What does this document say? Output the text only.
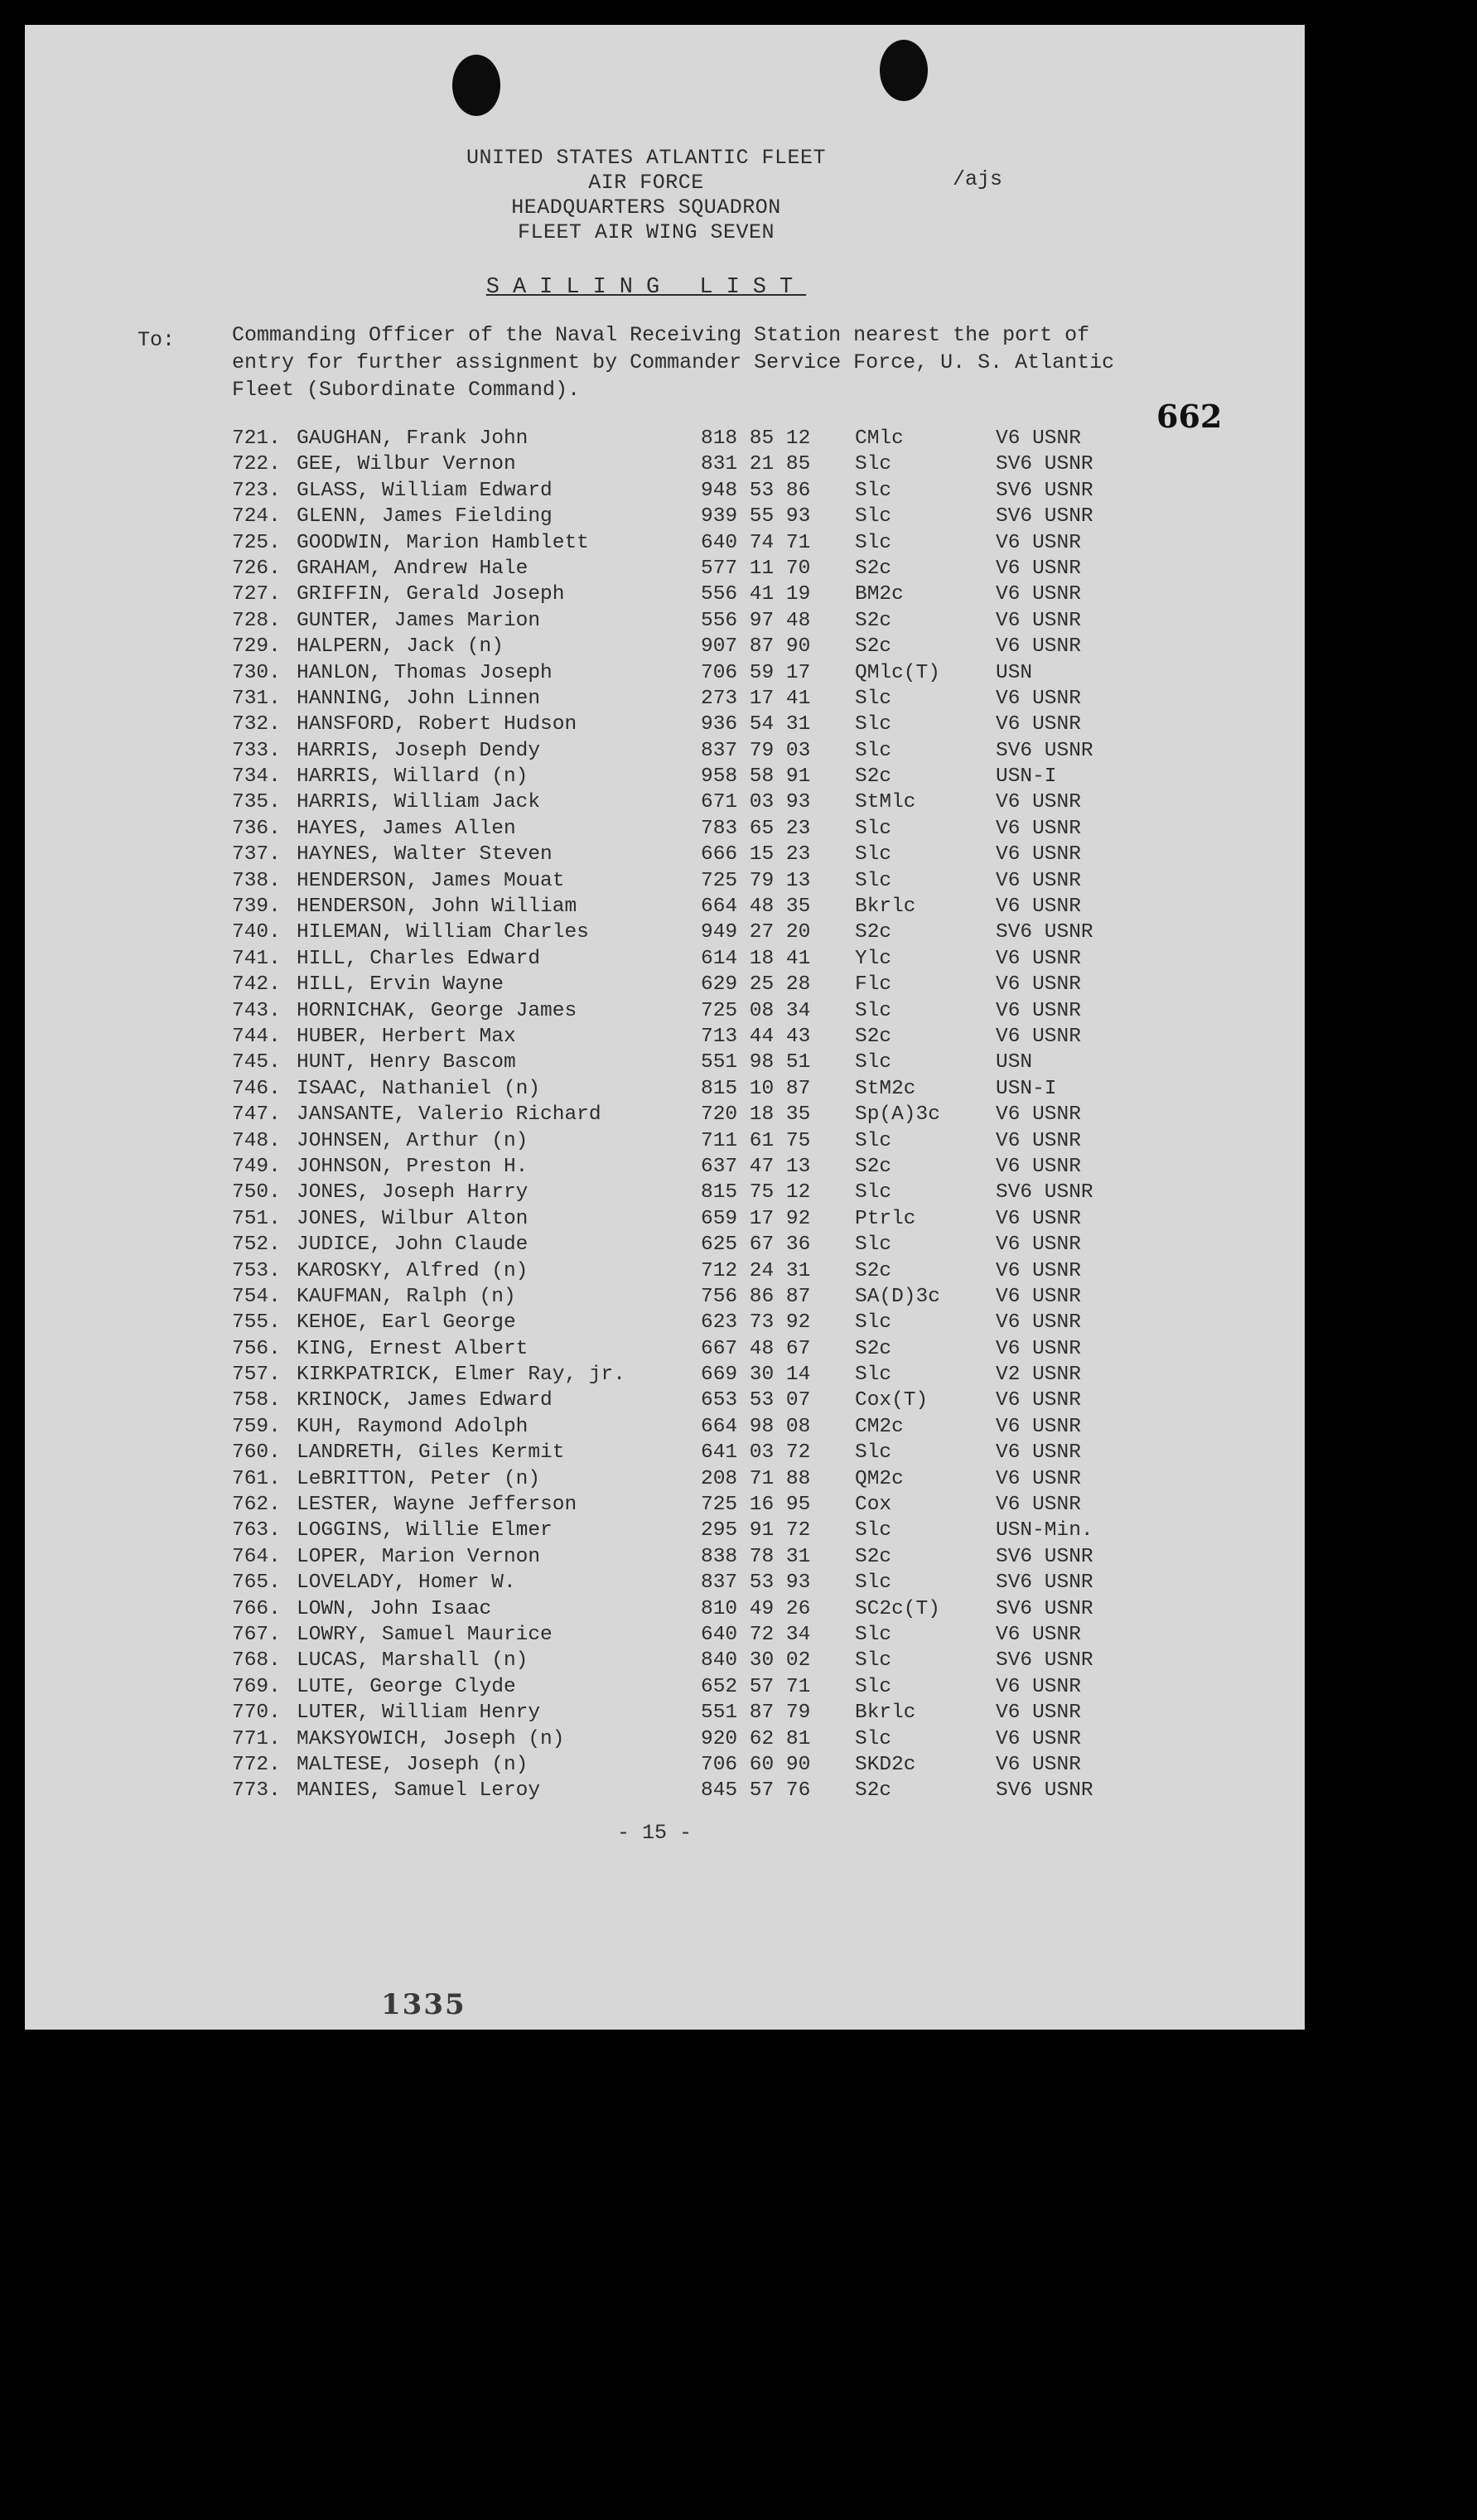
UNITED STATES ATLANTIC FLEET
AIR FORCE
HEADQUARTERS SQUADRON
FLEET AIR WING SEVEN
/ajs
SAILING LIST
To:	Commanding Officer of the Naval Receiving Station nearest the port of entry for further assignment by Commander Service Force, U. S. Atlantic Fleet (Subordinate Command).
662
721. GAUGHAN, Frank John	818 85 12 CMlc	V6 USNR
722. GEE, Wilbur Vernon	831 21 85 Slc	SV6 USNR
723. GLASS, William Edward	948 53 86 Slc	SV6 USNR
724. GLENN, James Fielding	939 55 93 Slc	SV6 USNR
725. GOODWIN, Marion Hamblett	640 74 71 Slc	V6 USNR
726. GRAHAM, Andrew Hale	577 11 70 S2c	V6 USNR
727. GRIFFIN, Gerald Joseph	556 41 19 BM2c	V6 USNR
728. GUNTER, James Marion	556 97 48 S2c	V6 USNR
729. HALPERN, Jack (n)	907 87 90 S2c	V6 USNR
730. HANLON, Thomas Joseph	706 59 17 QMlc(T)	USN
731. HANNING, John Linnen	273 17 41 Slc	V6 USNR
732. HANSFORD, Robert Hudson	936 54 31 Slc	V6 USNR
733. HARRIS, Joseph Dendy	837 79 03 Slc	SV6 USNR
734. HARRIS, Willard (n)	958 58 91 S2c	USN-I
735. HARRIS, William Jack	671 03 93 StMlc	V6 USNR
736. HAYES, James Allen	783 65 23 Slc	V6 USNR
737. HAYNES, Walter Steven	666 15 23 Slc	V6 USNR
738. HENDERSON, James Mouat	725 79 13 Slc	V6 USNR
739. HENDERSON, John William	664 48 35 Bkrlc	V6 USNR
740. HILEMAN, William Charles	949 27 20 S2c	SV6 USNR
741. HILL, Charles Edward	614 18 41 Ylc	V6 USNR
742. HILL, Ervin Wayne	629 25 28 Flc	V6 USNR
743. HORNICHAK, George James	725 08 34 Slc	V6 USNR
744. HUBER, Herbert Max	713 44 43 S2c	V6 USNR
745. HUNT, Henry Bascom	551 98 51 Slc	USN
746. ISAAC, Nathaniel (n)	815 10 87 StM2c	USN-I
747. JANSANTE, Valerio Richard	720 18 35 Sp(A)3c	V6 USNR
748. JOHNSEN, Arthur (n)	711 61 75 Slc	V6 USNR
749. JOHNSON, Preston H.	637 47 13 S2c	V6 USNR
750. JONES, Joseph Harry	815 75 12 Slc	SV6 USNR
751. JONES, Wilbur Alton	659 17 92 Ptrlc	V6 USNR
752. JUDICE, John Claude	625 67 36 Slc	V6 USNR
753. KAROSKY, Alfred (n)	712 24 31 S2c	V6 USNR
754. KAUFMAN, Ralph (n)	756 86 87 SA(D)3c	V6 USNR
755. KEHOE, Earl George	623 73 92 Slc	V6 USNR
756. KING, Ernest Albert	667 48 67 S2c	V6 USNR
757. KIRKPATRICK, Elmer Ray, jr.	669 30 14 Slc	V2 USNR
758. KRINOCK, James Edward	653 53 07 Cox(T)	V6 USNR
759. KUH, Raymond Adolph	664 98 08 CM2c	V6 USNR
760. LANDRETH, Giles Kermit	641 03 72 Slc	V6 USNR
761. LeBRITTON, Peter (n)	208 71 88 QM2c	V6 USNR
762. LESTER, Wayne Jefferson	725 16 95 Cox	V6 USNR
763. LOGGINS, Willie Elmer	295 91 72 Slc	USN-Min.
764. LOPER, Marion Vernon	838 78 31 S2c	SV6 USNR
765. LOVELADY, Homer W.	837 53 93 Slc	SV6 USNR
766. LOWN, John Isaac	810 49 26 SC2c(T)	SV6 USNR
767. LOWRY, Samuel Maurice	640 72 34 Slc	V6 USNR
768. LUCAS, Marshall (n)	840 30 02 Slc	SV6 USNR
769. LUTE, George Clyde	652 57 71 Slc	V6 USNR
770. LUTER, William Henry	551 87 79 Bkrlc	V6 USNR
771. MAKSYOWICH, Joseph (n)	920 62 81 Slc	V6 USNR
772. MALTESE, Joseph (n)	706 60 90 SKD2c	V6 USNR
773. MANIES, Samuel Leroy	845 57 76 S2c	SV6 USNR
- 15 -
1335
